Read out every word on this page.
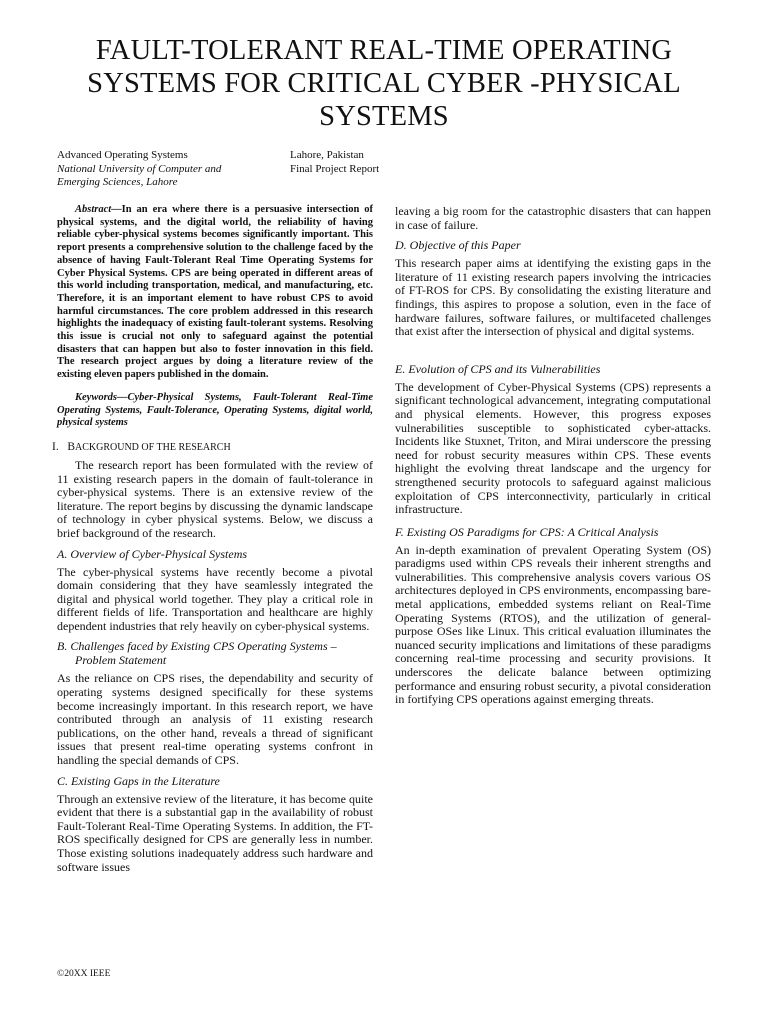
FAULT-TOLERANT REAL-TIME OPERATING SYSTEMS FOR CRITICAL CYBER -PHYSICAL SYSTEMS
Advanced Operating Systems
National University of Computer and Emerging Sciences, Lahore
Lahore, Pakistan
Final Project Report

Abstract—In an era where there is a persuasive intersection of physical systems, and the digital world, the reliability of having reliable cyber-physical systems becomes significantly important. This report presents a comprehensive solution to the challenge faced by the absence of having Fault-Tolerant Real Time Operating Systems for Cyber Physical Systems. CPS are being operated in different areas of this world including transportation, medical, and manufacturing, etc. Therefore, it is an important element to have robust CPS to avoid harmful circumstances. The core problem addressed in this research highlights the inadequacy of existing fault-tolerant systems. Resolving this issue is crucial not only to safeguard against the potential disasters that can happen but also to foster innovation in this field. The research project argues by doing a literature review of the existing eleven papers published in the domain.

Keywords—Cyber-Physical Systems, Fault-Tolerant Real-Time Operating Systems, Fault-Tolerance, Operating Systems, digital world, physical systems

I. BACKGROUND OF THE RESEARCH

The research report has been formulated with the review of 11 existing research papers in the domain of fault-tolerance in cyber-physical systems. There is an extensive review of the literature. The report begins by discussing the dynamic landscape of technology in cyber physical systems. Below, we discuss a brief background of the research.

A. Overview of Cyber-Physical Systems

The cyber-physical systems have recently become a pivotal domain considering that they have seamlessly integrated the digital and physical world together. They play a critical role in different fields of life. Transportation and healthcare are highly dependent industries that rely heavily on cyber-physical systems.

B. Challenges faced by Existing CPS Operating Systems – Problem Statement

As the reliance on CPS rises, the dependability and security of operating systems designed specifically for these systems become increasingly important. In this research report, we have contributed through an analysis of 11 existing research publications, on the other hand, reveals a thread of significant issues that present real-time operating systems confront in handling the special demands of CPS.

C. Existing Gaps in the Literature

Through an extensive review of the literature, it has become quite evident that there is a substantial gap in the availability of robust Fault-Tolerant Real-Time Operating Systems. In addition, the FT-ROS specifically designed for CPS are generally less in number. Those existing solutions inadequately address such hardware and software issues

leaving a big room for the catastrophic disasters that can happen in case of failure.

D. Objective of this Paper

This research paper aims at identifying the existing gaps in the literature of 11 existing research papers involving the intricacies of FT-ROS for CPS. By consolidating the existing literature and findings, this aspires to propose a solution, even in the face of hardware failures, software failures, or multifaceted challenges that exist after the intersection of physical and digital systems.

E. Evolution of CPS and its Vulnerabilities

The development of Cyber-Physical Systems (CPS) represents a significant technological advancement, integrating computational and physical elements. However, this progress exposes vulnerabilities susceptible to sophisticated cyber-attacks. Incidents like Stuxnet, Triton, and Mirai underscore the pressing need for robust security measures within CPS. These events highlight the evolving threat landscape and the urgency for strengthened security protocols to safeguard against malicious exploitation of CPS interconnectivity, particularly in critical infrastructure.

F. Existing OS Paradigms for CPS: A Critical Analysis

An in-depth examination of prevalent Operating System (OS) paradigms used within CPS reveals their inherent strengths and vulnerabilities. This comprehensive analysis covers various OS architectures deployed in CPS environments, encompassing bare-metal applications, embedded systems reliant on Real-Time Operating Systems (RTOS), and the utilization of general-purpose OSes like Linux. This critical evaluation illuminates the nuanced security implications and limitations of these paradigms concerning real-time processing and security provisions. It underscores the delicate balance between optimizing performance and ensuring robust security, a pivotal consideration in fortifying CPS operations against emerging threats.

©20XX IEEE
